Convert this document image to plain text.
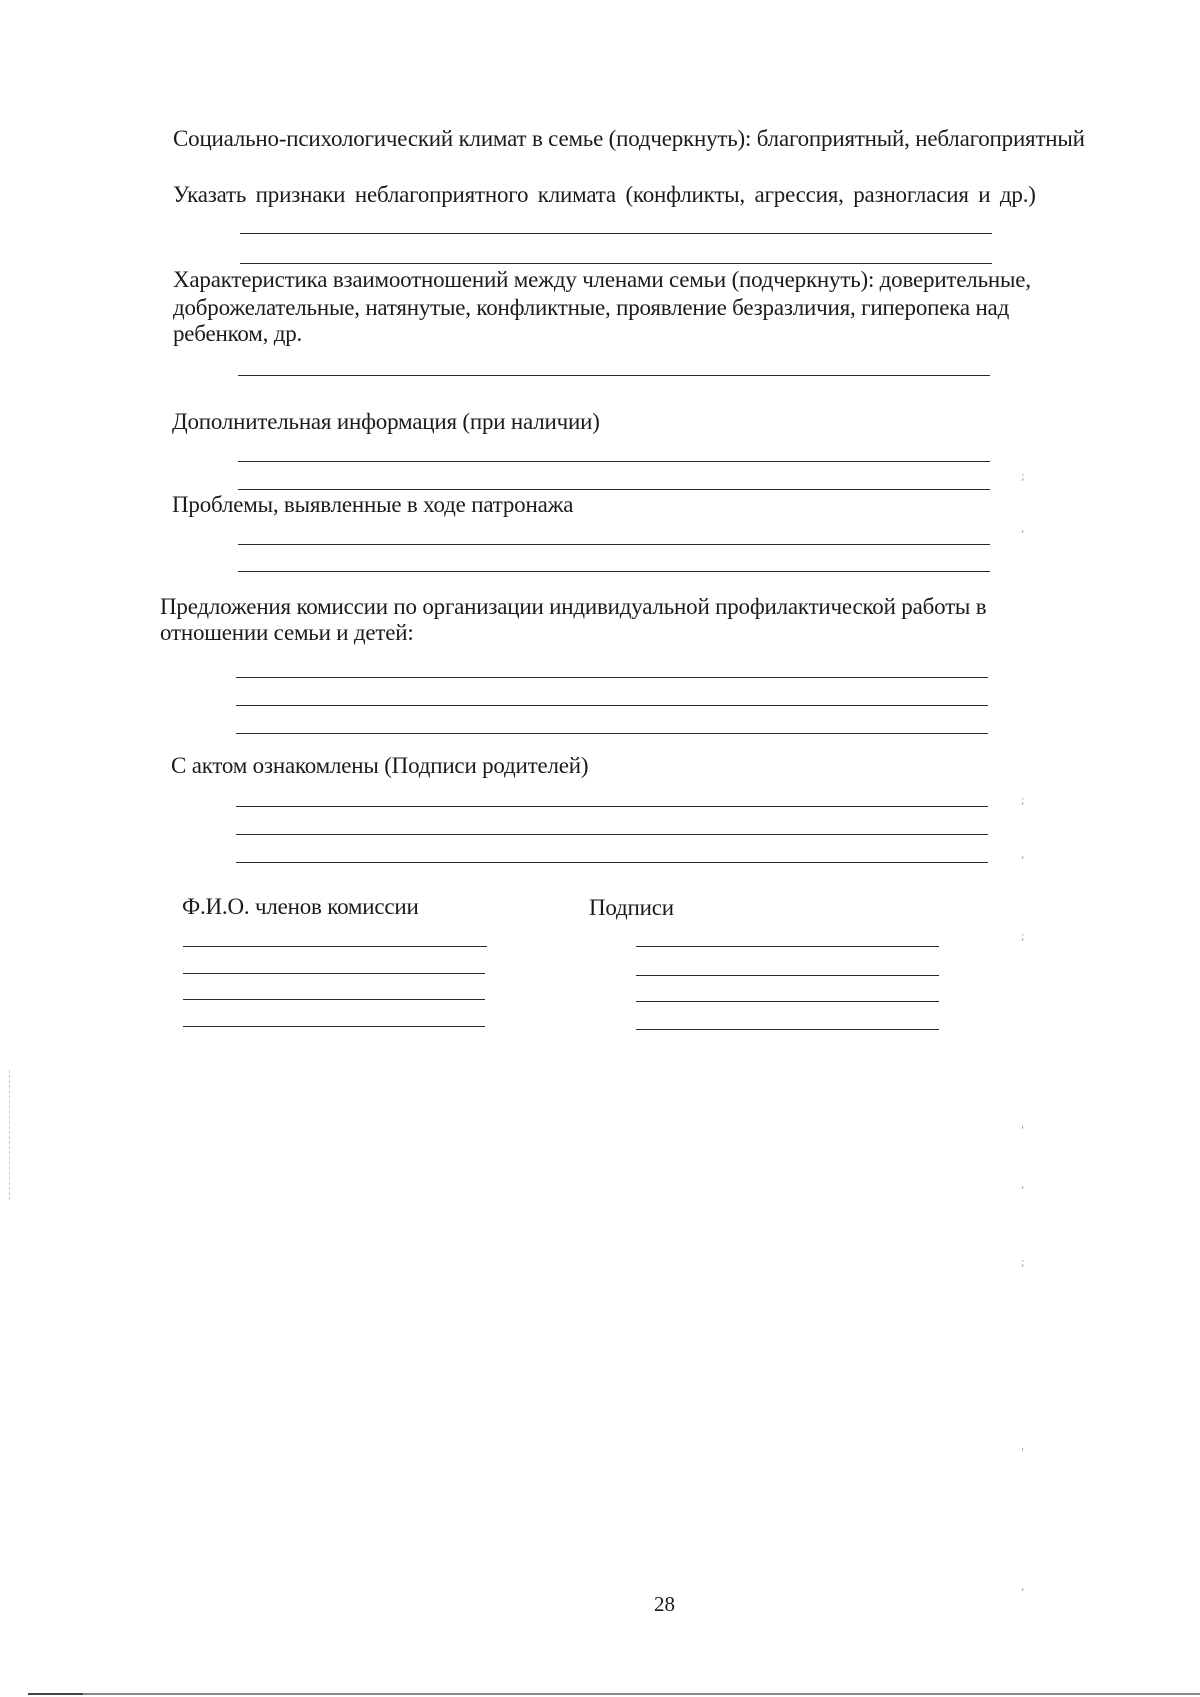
Социально-психологический климат в семье (подчеркнуть): благоприятный, неблагоприятный
Указать признаки неблагоприятного климата (конфликты, агрессия, разногласия и др.)
Характеристика взаимоотношений между членами семьи (подчеркнуть): доверительные,
доброжелательные, натянутые, конфликтные, проявление безразличия, гиперопека над
ребенком, др.
Дополнительная информация (при наличии)
Проблемы, выявленные в ходе патронажа
Предложения комиссии по организации индивидуальной профилактической работы в
отношении семьи и детей:
С актом ознакомлены (Подписи родителей)
Ф.И.О. членов комиссии	Подписи
;
,
;
,
;
'
,
;
'
,
28
